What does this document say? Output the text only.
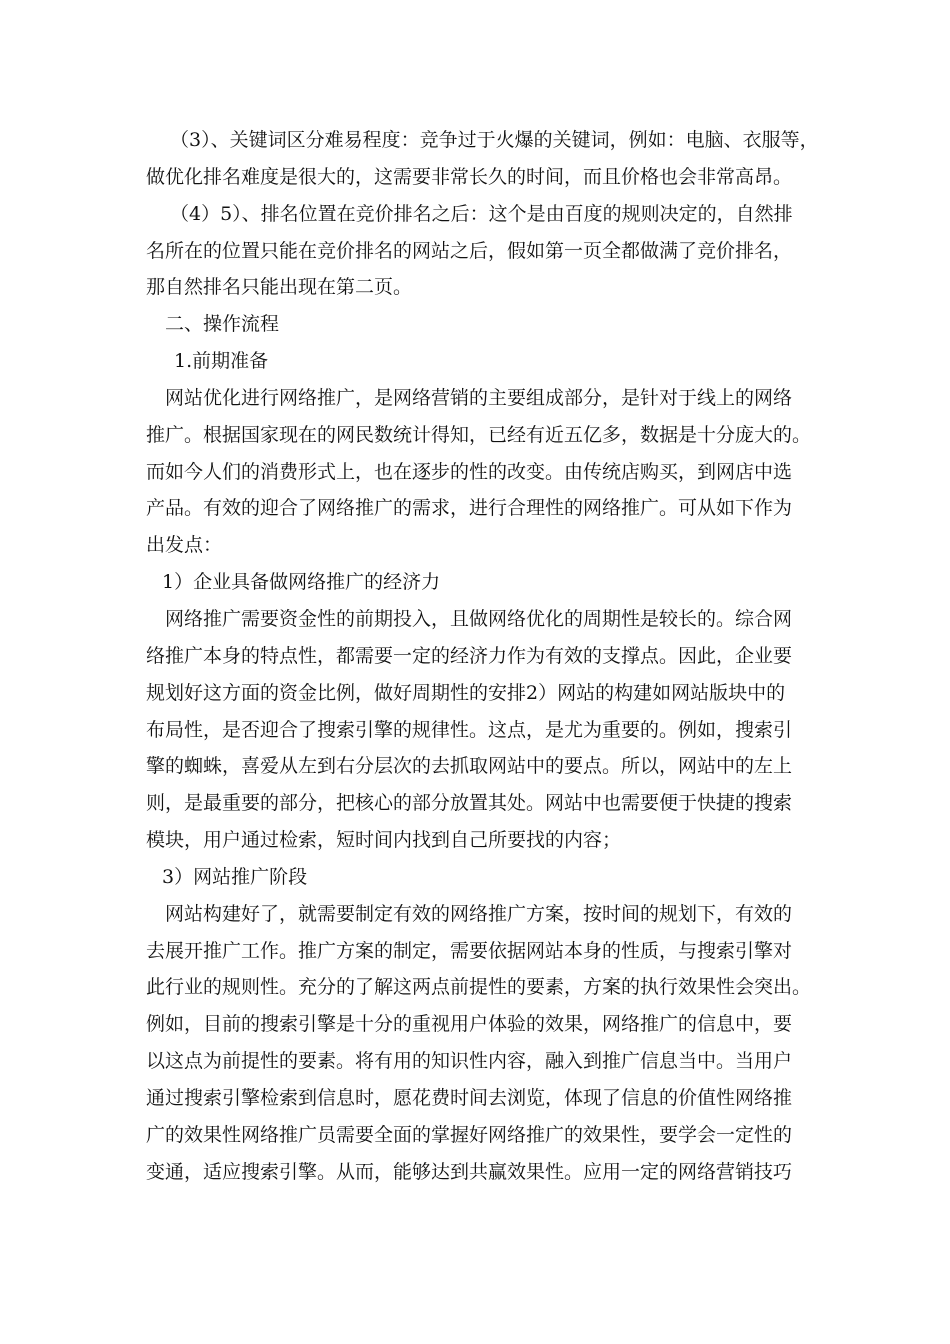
（3）、关键词区分难易程度：竞争过于火爆的关键词，例如：电脑、衣服等，
做优化排名难度是很大的，这需要非常长久的时间，而且价格也会非常高昂。
（4）5）、排名位置在竞价排名之后：这个是由百度的规则决定的，自然排
名所在的位置只能在竞价排名的网站之后，假如第一页全都做满了竞价排名，
那自然排名只能出现在第二页。
二、操作流程
1.前期准备
网站优化进行网络推广，是网络营销的主要组成部分，是针对于线上的网络
推广。根据国家现在的网民数统计得知，已经有近五亿多，数据是十分庞大的。
而如今人们的消费形式上，也在逐步的性的改变。由传统店购买，到网店中选
产品。有效的迎合了网络推广的需求，进行合理性的网络推广。可从如下作为
出发点：
1）企业具备做网络推广的经济力
网络推广需要资金性的前期投入，且做网络优化的周期性是较长的。综合网
络推广本身的特点性，都需要一定的经济力作为有效的支撑点。因此，企业要
规划好这方面的资金比例，做好周期性的安排2）网站的构建如网站版块中的
布局性，是否迎合了搜索引擎的规律性。这点，是尤为重要的。例如，搜索引
擎的蜘蛛，喜爱从左到右分层次的去抓取网站中的要点。所以，网站中的左上
则，是最重要的部分，把核心的部分放置其处。网站中也需要便于快捷的搜索
模块，用户通过检索，短时间内找到自己所要找的内容；
3）网站推广阶段
网站构建好了，就需要制定有效的网络推广方案，按时间的规划下，有效的
去展开推广工作。推广方案的制定，需要依据网站本身的性质，与搜索引擎对
此行业的规则性。充分的了解这两点前提性的要素，方案的执行效果性会突出。
例如，目前的搜索引擎是十分的重视用户体验的效果，网络推广的信息中，要
以这点为前提性的要素。将有用的知识性内容，融入到推广信息当中。当用户
通过搜索引擎检索到信息时，愿花费时间去浏览，体现了信息的价值性网络推
广的效果性网络推广员需要全面的掌握好网络推广的效果性，要学会一定性的
变通，适应搜索引擎。从而，能够达到共赢效果性。应用一定的网络营销技巧
